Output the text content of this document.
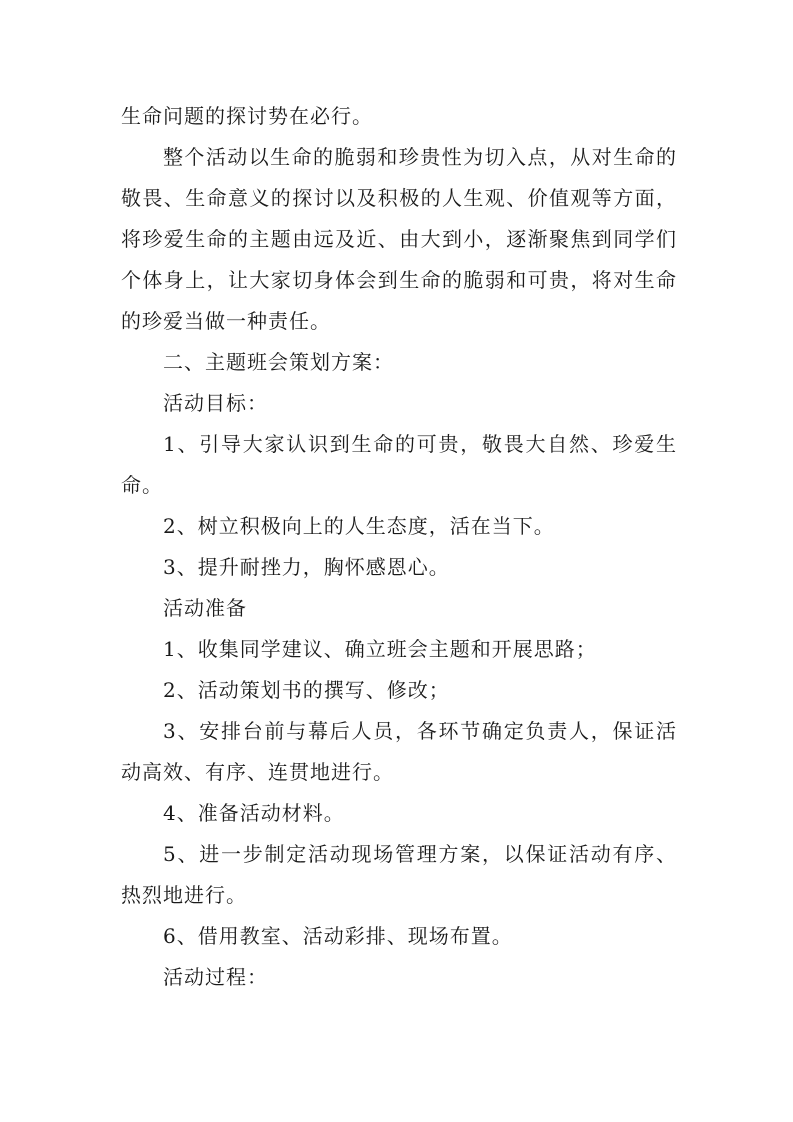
生命问题的探讨势在必行。

整个活动以生命的脆弱和珍贵性为切入点，从对生命的敬畏、生命意义的探讨以及积极的人生观、价值观等方面，将珍爱生命的主题由远及近、由大到小，逐渐聚焦到同学们个体身上，让大家切身体会到生命的脆弱和可贵，将对生命的珍爱当做一种责任。

二、主题班会策划方案：

活动目标：

1、引导大家认识到生命的可贵，敬畏大自然、珍爱生命。

2、树立积极向上的人生态度，活在当下。

3、提升耐挫力，胸怀感恩心。

活动准备

1、收集同学建议、确立班会主题和开展思路；

2、活动策划书的撰写、修改；

3、安排台前与幕后人员，各环节确定负责人，保证活动高效、有序、连贯地进行。

4、准备活动材料。

5、进一步制定活动现场管理方案，以保证活动有序、热烈地进行。

6、借用教室、活动彩排、现场布置。

活动过程：
